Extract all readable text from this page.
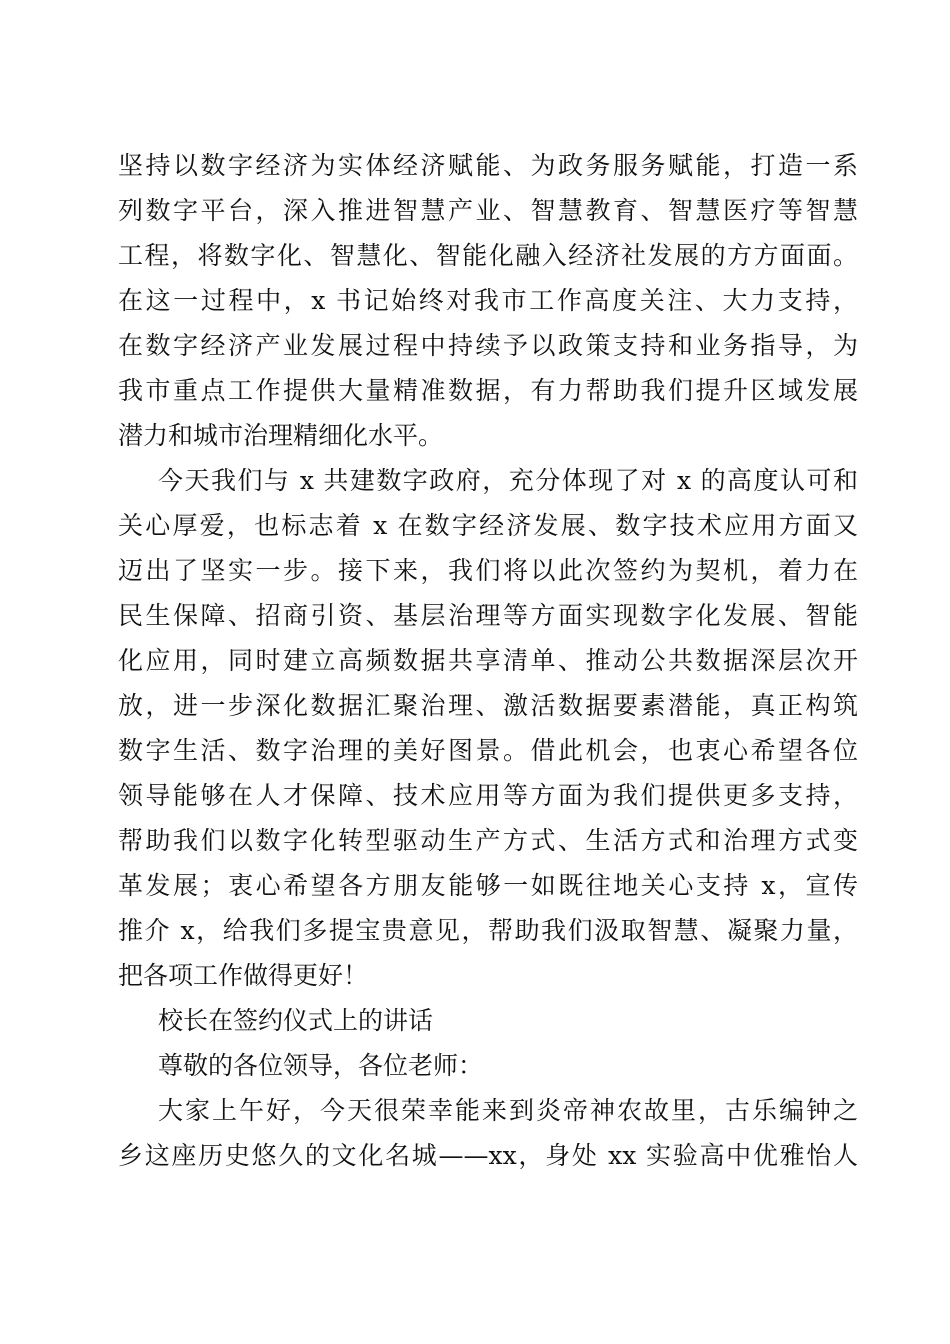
坚持以数字经济为实体经济赋能、为政务服务赋能，打造一系
列数字平台，深入推进智慧产业、智慧教育、智慧医疗等智慧
工程，将数字化、智慧化、智能化融入经济社发展的方方面面。
在这一过程中，x 书记始终对我市工作高度关注、大力支持，
在数字经济产业发展过程中持续予以政策支持和业务指导，为
我市重点工作提供大量精准数据，有力帮助我们提升区域发展
潜力和城市治理精细化水平。
今天我们与 x 共建数字政府，充分体现了对 x 的高度认可和
关心厚爱，也标志着 x 在数字经济发展、数字技术应用方面又
迈出了坚实一步。接下来，我们将以此次签约为契机，着力在
民生保障、招商引资、基层治理等方面实现数字化发展、智能
化应用，同时建立高频数据共享清单、推动公共数据深层次开
放，进一步深化数据汇聚治理、激活数据要素潜能，真正构筑
数字生活、数字治理的美好图景。借此机会，也衷心希望各位
领导能够在人才保障、技术应用等方面为我们提供更多支持，
帮助我们以数字化转型驱动生产方式、生活方式和治理方式变
革发展；衷心希望各方朋友能够一如既往地关心支持 x，宣传
推介 x，给我们多提宝贵意见，帮助我们汲取智慧、凝聚力量，
把各项工作做得更好！
校长在签约仪式上的讲话
尊敬的各位领导，各位老师：
大家上午好，今天很荣幸能来到炎帝神农故里，古乐编钟之
乡这座历史悠久的文化名城——xx，身处 xx 实验高中优雅怡人
